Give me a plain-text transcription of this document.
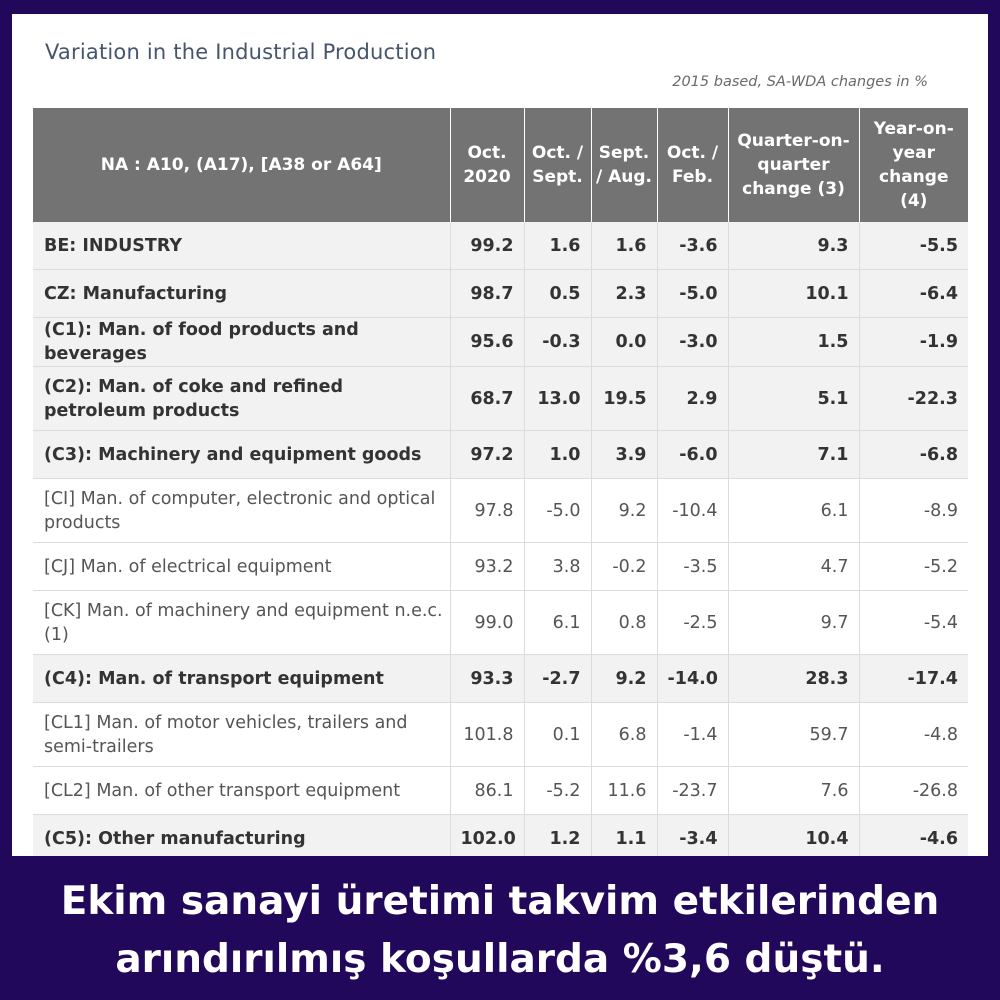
Variation in the Industrial Production
2015 based, SA-WDA changes in %
NA : A10, (A17), [A38 or A64]	Oct. 2020	Oct. / Sept.	Sept. / Aug.	Oct. / Feb.	Quarter-on-quarter change (3)	Year-on-year change (4)
BE: INDUSTRY	99.2	1.6	1.6	-3.6	9.3	-5.5
CZ: Manufacturing	98.7	0.5	2.3	-5.0	10.1	-6.4
(C1): Man. of food products and beverages	95.6	-0.3	0.0	-3.0	1.5	-1.9
(C2): Man. of coke and refined petroleum products	68.7	13.0	19.5	2.9	5.1	-22.3
(C3): Machinery and equipment goods	97.2	1.0	3.9	-6.0	7.1	-6.8
[CI] Man. of computer, electronic and optical products	97.8	-5.0	9.2	-10.4	6.1	-8.9
[CJ] Man. of electrical equipment	93.2	3.8	-0.2	-3.5	4.7	-5.2
[CK] Man. of machinery and equipment n.e.c. (1)	99.0	6.1	0.8	-2.5	9.7	-5.4
(C4): Man. of transport equipment	93.3	-2.7	9.2	-14.0	28.3	-17.4
[CL1] Man. of motor vehicles, trailers and semi-trailers	101.8	0.1	6.8	-1.4	59.7	-4.8
[CL2] Man. of other transport equipment	86.1	-5.2	11.6	-23.7	7.6	-26.8
(C5): Other manufacturing	102.0	1.2	1.1	-3.4	10.4	-4.6
Ekim sanayi üretimi takvim etkilerinden
arındırılmış koşullarda %3,6 düştü.
